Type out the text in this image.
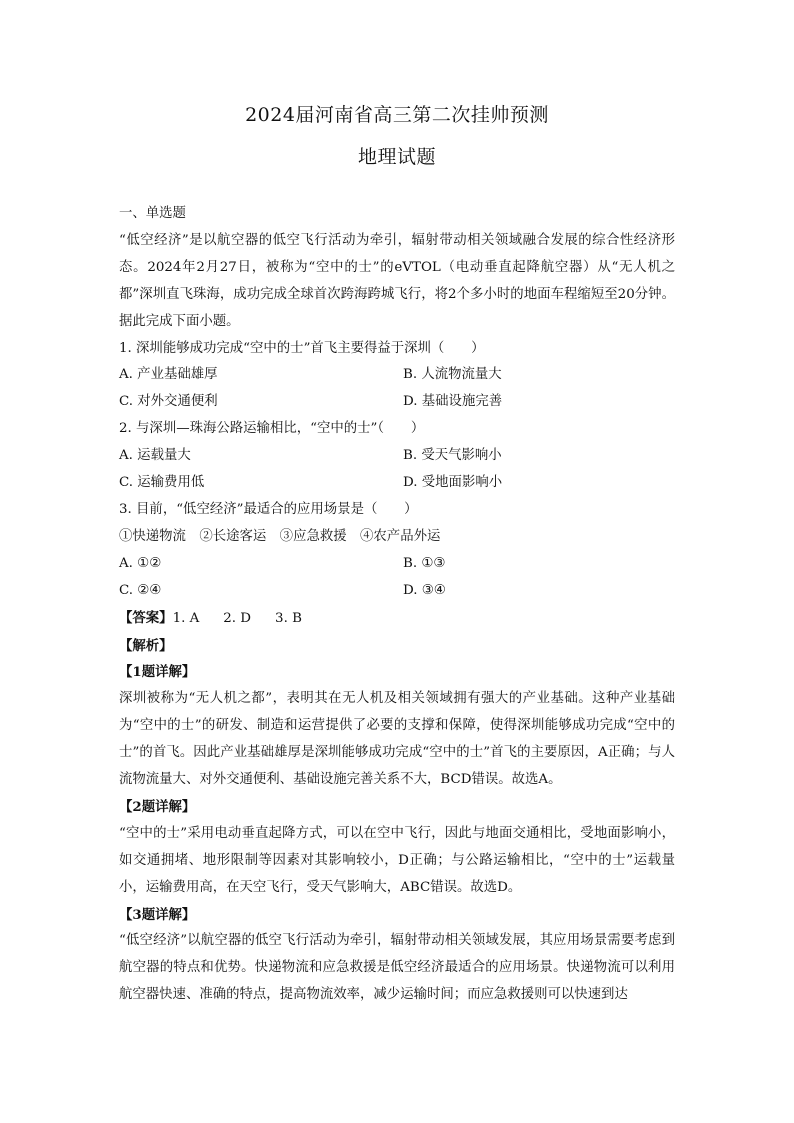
2024届河南省高三第二次挂帅预测
地理试题

一、单选题

“低空经济”是以航空器的低空飞行活动为牵引，辐射带动相关领域融合发展的综合性经济形态。2024年2月27日，被称为“空中的士”的eVTOL（电动垂直起降航空器）从“无人机之都”深圳直飞珠海，成功完成全球首次跨海跨城飞行，将2个多小时的地面车程缩短至20分钟。据此完成下面小题。

1. 深圳能够成功完成“空中的士”首飞主要得益于深圳（　　）

A. 产业基础雄厚	B. 人流物流量大
C. 对外交通便利	D. 基础设施完善

2. 与深圳—珠海公路运输相比，“空中的士”（　　）

A. 运载量大	B. 受天气影响小
C. 运输费用低	D. 受地面影响小

3. 目前，“低空经济”最适合的应用场景是（　　）

①快递物流　②长途客运　③应急救援　④农产品外运

A. ①②	B. ①③
C. ②④	D. ③④

【答案】1. A 2. D 3. B

【解析】

【1题详解】

深圳被称为“无人机之都”，表明其在无人机及相关领域拥有强大的产业基础。这种产业基础为“空中的士”的研发、制造和运营提供了必要的支撑和保障，使得深圳能够成功完成“空中的士”的首飞。因此产业基础雄厚是深圳能够成功完成“空中的士”首飞的主要原因，A正确；与人流物流量大、对外交通便利、基础设施完善关系不大，BCD错误。故选A。

【2题详解】

“空中的士”采用电动垂直起降方式，可以在空中飞行，因此与地面交通相比，受地面影响小，如交通拥堵、地形限制等因素对其影响较小，D正确；与公路运输相比，“空中的士”运载量小，运输费用高，在天空飞行，受天气影响大，ABC错误。故选D。

【3题详解】

“低空经济”以航空器的低空飞行活动为牵引，辐射带动相关领域发展，其应用场景需要考虑到航空器的特点和优势。快递物流和应急救援是低空经济最适合的应用场景。快递物流可以利用航空器快速、准确的特点，提高物流效率，减少运输时间；而应急救援则可以快速到达
